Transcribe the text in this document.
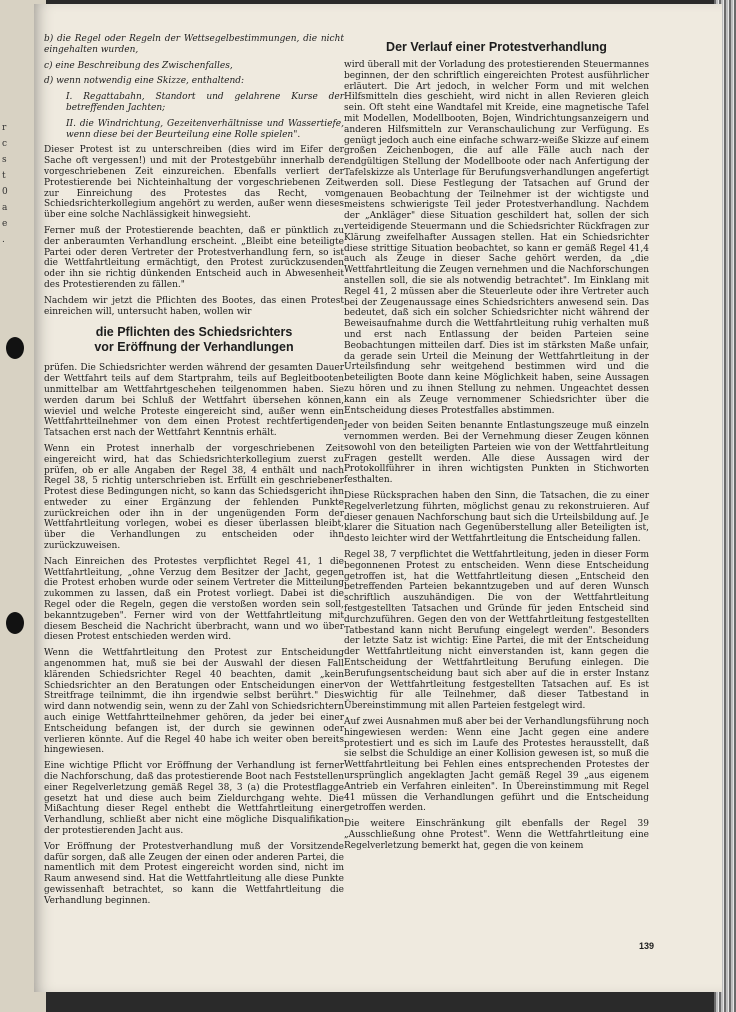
r
c
s
t
0
a
e
.

b) die Regel oder Regeln der Wettsegelbestimmungen, die nicht eingehalten wurden,

c) eine Beschreibung des Zwischenfalles,

d) wenn notwendig eine Skizze, enthaltend:

I. Regattabahn, Standort und gelahrene Kurse der betreffenden Jachten;

II. die Windrichtung, Gezeitenverhältnisse und Wassertiefe, wenn diese bei der Beurteilung eine Rolle spielen".

Dieser Protest ist zu unterschreiben (dies wird im Eifer der Sache oft vergessen!) und mit der Protestgebühr innerhalb der vorgeschriebenen Zeit einzureichen. Ebenfalls verliert der Protestierende bei Nichteinhaltung der vorgeschriebenen Zeit zur Einreichung des Protestes das Recht, vom Schiedsrichterkollegium angehört zu werden, außer wenn dieses über eine solche Nachlässigkeit hinwegsieht.

Ferner muß der Protestierende beachten, daß er pünktlich zu der anberaumten Verhandlung erscheint. „Bleibt eine beteiligte Partei oder deren Vertreter der Protestverhandlung fern, so ist die Wettfahrtleitung ermächtigt, den Protest zurückzusenden oder ihn sie richtig dünkenden Entscheid auch in Abwesenheit des Protestierenden zu fällen."

Nachdem wir jetzt die Pflichten des Bootes, das einen Protest einreichen will, untersucht haben, wollen wir

die Pflichten des Schiedsrichters
vor Eröffnung der Verhandlungen

prüfen. Die Schiedsrichter werden während der gesamten Dauer der Wettfahrt teils auf dem Startprahm, teils auf Begleitbooten unmittelbar am Wettfahrtgeschehen teilgenommen haben. Sie werden darum bei Schluß der Wettfahrt übersehen können, wieviel und welche Proteste eingereicht sind, außer wenn ein Wettfahrtteilnehmer von dem einen Protest rechtfertigenden Tatsachen erst nach der Wettfahrt Kenntnis erhält.

Wenn ein Protest innerhalb der vorgeschriebenen Zeit eingereicht wird, hat das Schiedsrichterkollegium zuerst zu prüfen, ob er alle Angaben der Regel 38, 4 enthält und nach Regel 38, 5 richtig unterschrieben ist. Erfüllt ein geschriebener Protest diese Bedingungen nicht, so kann das Schiedsgericht ihn entweder zu einer Ergänzung der fehlenden Punkte zurückreichen oder ihn in der ungenügenden Form der Wettfahrtleitung vorlegen, wobei es dieser überlassen bleibt, über die Verhandlungen zu entscheiden oder ihn zurückzuweisen.

Nach Einreichen des Protestes verpflichtet Regel 41, 1 die Wettfahrtleitung, „ohne Verzug dem Besitzer der Jacht, gegen die Protest erhoben wurde oder seinem Vertreter die Mitteilung zukommen zu lassen, daß ein Protest vorliegt. Dabei ist die Regel oder die Regeln, gegen die verstoßen worden sein soll, bekanntzugeben". Ferner wird von der Wettfahrtleitung mit diesem Bescheid die Nachricht überbracht, wann und wo über diesen Protest entschieden werden wird.

Wenn die Wettfahrtleitung den Protest zur Entscheidung angenommen hat, muß sie bei der Auswahl der diesen Fall klärenden Schiedsrichter Regel 40 beachten, damit „kein Schiedsrichter an den Beratungen oder Entscheidungen einer Streitfrage teilnimmt, die ihn irgendwie selbst berührt." Dies wird dann notwendig sein, wenn zu der Zahl von Schiedsrichtern auch einige Wettfahrtteilnehmer gehören, da jeder bei einer Entscheidung befangen ist, der durch sie gewinnen oder verlieren könnte. Auf die Regel 40 habe ich weiter oben bereits hingewiesen.

Eine wichtige Pflicht vor Eröffnung der Verhandlung ist ferner die Nachforschung, daß das protestierende Boot nach Feststellen einer Regelverletzung gemäß Regel 38, 3 (a) die Protestflagge gesetzt hat und diese auch beim Zieldurchgang wehte. Die Mißachtung dieser Regel enthebt die Wettfahrtleitung einer Verhandlung, schließt aber nicht eine mögliche Disqualifikation der protestierenden Jacht aus.

Vor Eröffnung der Protestverhandlung muß der Vorsitzende dafür sorgen, daß alle Zeugen der einen oder anderen Partei, die namentlich mit dem Protest eingereicht worden sind, nicht im Raum anwesend sind. Hat die Wettfahrtleitung alle diese Punkte gewissenhaft betrachtet, so kann die Wettfahrtleitung die Verhandlung beginnen.

Der Verlauf einer Protestverhandlung

wird überall mit der Vorladung des protestierenden Steuermannes beginnen, der den schriftlich eingereichten Protest ausführlicher erläutert. Die Art jedoch, in welcher Form und mit welchen Hilfsmitteln dies geschieht, wird nicht in allen Revieren gleich sein. Oft steht eine Wandtafel mit Kreide, eine magnetische Tafel mit Modellen, Modellbooten, Bojen, Windrichtungsanzeigern und anderen Hilfsmitteln zur Veranschaulichung zur Verfügung. Es genügt jedoch auch eine einfache schwarz-weiße Skizze auf einem großen Zeichenbogen, die auf alle Fälle auch nach der endgültigen Stellung der Modellboote oder nach Anfertigung der Tafelskizze als Unterlage für Berufungsverhandlungen angefertigt werden soll. Diese Festlegung der Tatsachen auf Grund der genauen Beobachtung der Teilnehmer ist der wichtigste und meistens schwierigste Teil jeder Protestverhandlung. Nachdem der „Ankläger" diese Situation geschildert hat, sollen der sich verteidigende Steuermann und die Schiedsrichter Rückfragen zur Klärung zweifelhafter Aussagen stellen. Hat ein Schiedsrichter diese strittige Situation beobachtet, so kann er gemäß Regel 41,4 auch als Zeuge in dieser Sache gehört werden, da „die Wettfahrtleitung die Zeugen vernehmen und die Nachforschungen anstellen soll, die sie als notwendig betrachtet". Im Einklang mit Regel 41, 2 müssen aber die Steuerleute oder ihre Vertreter auch bei der Zeugenaussage eines Schiedsrichters anwesend sein. Das bedeutet, daß sich ein solcher Schiedsrichter nicht während der Beweisaufnahme durch die Wettfahrtleitung ruhig verhalten muß und erst nach Entlassung der beiden Parteien seine Beobachtungen mitteilen darf. Dies ist im stärksten Maße unfair, da gerade sein Urteil die Meinung der Wettfahrtleitung in der Urteilsfindung sehr weitgehend bestimmen wird und die beteiligten Boote dann keine Möglichkeit haben, seine Aussagen zu hören und zu ihnen Stellung zu nehmen. Ungeachtet dessen kann ein als Zeuge vernommener Schiedsrichter über die Entscheidung dieses Protestfalles abstimmen.

Jeder von beiden Seiten benannte Entlastungszeuge muß einzeln vernommen werden. Bei der Vernehmung dieser Zeugen können sowohl von den beteiligten Parteien wie von der Wettfahrtleitung Fragen gestellt werden. Alle diese Aussagen wird der Protokollführer in ihren wichtigsten Punkten in Stichworten festhalten.

Diese Rücksprachen haben den Sinn, die Tatsachen, die zu einer Regelverletzung führten, möglichst genau zu rekonstruieren. Auf dieser genauen Nachforschung baut sich die Urteilsbildung auf. Je klarer die Situation nach Gegenüberstellung aller Beteiligten ist, desto leichter wird der Wettfahrtleitung die Entscheidung fallen.

Regel 38, 7 verpflichtet die Wettfahrtleitung, jeden in dieser Form begonnenen Protest zu entscheiden. Wenn diese Entscheidung getroffen ist, hat die Wettfahrtleitung diesen „Entscheid den betreffenden Parteien bekanntzugeben und auf deren Wunsch schriftlich auszuhändigen. Die von der Wettfahrtleitung festgestellten Tatsachen und Gründe für jeden Entscheid sind durchzuführen. Gegen den von der Wettfahrtleitung festgestellten Tatbestand kann nicht Berufung eingelegt werden". Besonders der letzte Satz ist wichtig: Eine Partei, die mit der Entscheidung der Wettfahrtleitung nicht einverstanden ist, kann gegen die Entscheidung der Wettfahrtleitung Berufung einlegen. Die Berufungsentscheidung baut sich aber auf die in erster Instanz von der Wettfahrtleitung festgestellten Tatsachen auf. Es ist wichtig für alle Teilnehmer, daß dieser Tatbestand in Übereinstimmung mit allen Parteien festgelegt wird.

Auf zwei Ausnahmen muß aber bei der Verhandlungsführung noch hingewiesen werden: Wenn eine Jacht gegen eine andere protestiert und es sich im Laufe des Protestes herausstellt, daß sie selbst die Schuldige an einer Kollision gewesen ist, so muß die Wettfahrtleitung bei Fehlen eines entsprechenden Protestes der ursprünglich angeklagten Jacht gemäß Regel 39 „aus eigenem Antrieb ein Verfahren einleiten". In Übereinstimmung mit Regel 41 müssen die Verhandlungen geführt und die Entscheidung getroffen werden.

Die weitere Einschränkung gilt ebenfalls der Regel 39 „Ausschließung ohne Protest". Wenn die Wettfahrtleitung eine Regelverletzung bemerkt hat, gegen die von keinem

139
